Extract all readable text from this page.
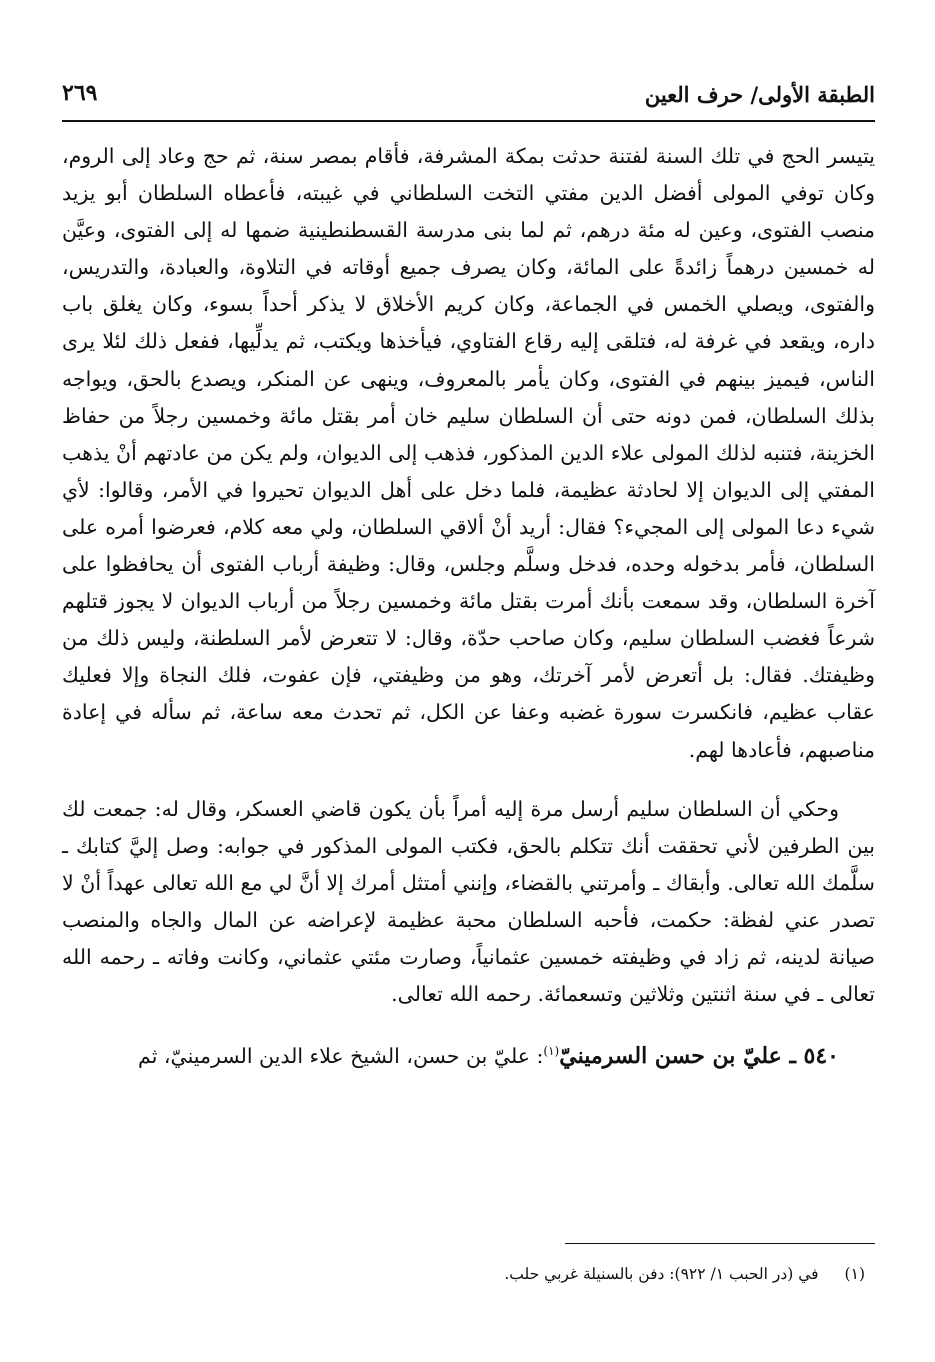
الطبقة الأولى/ حرف العين
٢٦٩

يتيسر الحج في تلك السنة لفتنة حدثت بمكة المشرفة، فأقام بمصر سنة، ثم حج وعاد إلى الروم، وكان توفي المولى أفضل الدين مفتي التخت السلطاني في غيبته، فأعطاه السلطان أبو يزيد منصب الفتوى، وعين له مئة درهم، ثم لما بنى مدرسة القسطنطينية ضمها له إلى الفتوى، وعيَّن له خمسين درهماً زائدةً على المائة، وكان يصرف جميع أوقاته في التلاوة، والعبادة، والتدريس، والفتوى، ويصلي الخمس في الجماعة، وكان كريم الأخلاق لا يذكر أحداً بسوء، وكان يغلق باب داره، ويقعد في غرفة له، فتلقى إليه رقاع الفتاوي، فيأخذها ويكتب، ثم يدلِّيها، ففعل ذلك لئلا يرى الناس، فيميز بينهم في الفتوى، وكان يأمر بالمعروف، وينهى عن المنكر، ويصدع بالحق، ويواجه بذلك السلطان، فمن دونه حتى أن السلطان سليم خان أمر بقتل مائة وخمسين رجلاً من حفاظ الخزينة، فتنبه لذلك المولى علاء الدين المذكور، فذهب إلى الديوان، ولم يكن من عادتهم أنْ يذهب المفتي إلى الديوان إلا لحادثة عظيمة، فلما دخل على أهل الديوان تحيروا في الأمر، وقالوا: لأي شيء دعا المولى إلى المجيء؟ فقال: أريد أنْ ألاقي السلطان، ولي معه كلام، فعرضوا أمره على السلطان، فأمر بدخوله وحده، فدخل وسلَّم وجلس، وقال: وظيفة أرباب الفتوى أن يحافظوا على آخرة السلطان، وقد سمعت بأنك أمرت بقتل مائة وخمسين رجلاً من أرباب الديوان لا يجوز قتلهم شرعاً فغضب السلطان سليم، وكان صاحب حدّة، وقال: لا تتعرض لأمر السلطنة، وليس ذلك من وظيفتك. فقال: بل أتعرض لأمر آخرتك، وهو من وظيفتي، فإن عفوت، فلك النجاة وإلا فعليك عقاب عظيم، فانكسرت سورة غضبه وعفا عن الكل، ثم تحدث معه ساعة، ثم سأله في إعادة مناصبهم، فأعادها لهم.

وحكي أن السلطان سليم أرسل مرة إليه أمراً بأن يكون قاضي العسكر، وقال له: جمعت لك بين الطرفين لأني تحققت أنك تتكلم بالحق، فكتب المولى المذكور في جوابه: وصل إليَّ كتابك ـ سلَّمك الله تعالى. وأبقاك ـ وأمرتني بالقضاء، وإنني أمتثل أمرك إلا أنَّ لي مع الله تعالى عهداً أنْ لا تصدر عني لفظة: حكمت، فأحبه السلطان محبة عظيمة لإعراضه عن المال والجاه والمنصب صيانة لدينه، ثم زاد في وظيفته خمسين عثمانياً، وصارت مئتي عثماني، وكانت وفاته ـ رحمه الله تعالى ـ في سنة اثنتين وثلاثين وتسعمائة. رحمه الله تعالى.

٥٤٠ ـ عليّ بن حسن السرمينيّ$^{(١)}$: عليّ بن حسن، الشيخ علاء الدين السرمينيّ، ثم

(١)في (در الحبب ١/ ٩٢٢): دفن بالسنيلة غربي حلب.
